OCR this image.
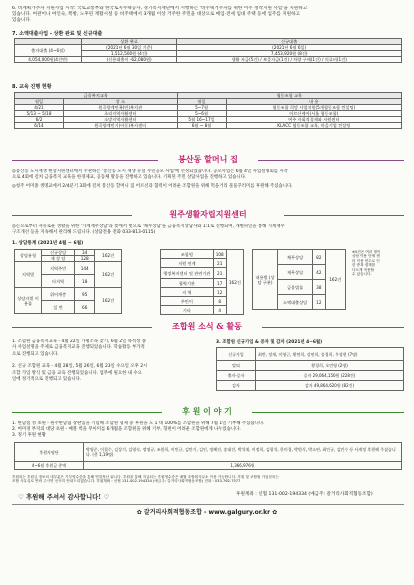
6. 비계획가추자 지원사업 시작: 국토교통부와 한국토지주택공사, 경기복지재단에서 시행하는 '비주택거주자를 위한 이주 정착지원 사업'을 지원하고
있습니다. 여관이나 여인숙, 쪽방, 노후된 재활시설 등 비주택에서 3개월 이상 거주한 주민을 대상으로 매입·전세 임대 주택 등에 입주를 지원하고
있습니다.
7. 소액대출사업 - 상환 완료 및 신규대출
	상환 완료	신규대출
출자대출 (4~6월)	(2021년 6월 30일 기준)	(2021년 6월 6일)
	1,512,500원 (4건)	7,453,920원 (8건)
4,054,000원(4건만)	(신용대출이 -62,080원)	생활 자금(5건) / 보증자금(1건) / 차량 구매(1건) / 의료비(1건)
8. 교육 진행 현황
금융복지교육		협동조합 교육	
월일	장 소	월일	내 용
4/21	원곡양계민족(민)복지관	5~7월	협동조합 희망 사업지원(5개협동조합 컨설팅)
5/13 ~ 5/18	초리지역자활센터	5~6월	어르신케어(서울 협동조합)
6/2	소망지역자활센터	5월 16~17일	여주 사회적경제와 자원센터
6/14	원곡양계민기(아동)복지센터	6월 ~ 8월	KLACC 협동조합 교육, 마을기업 컨설팅
봉산동 할머니 집
◎봉산동 도시재생 현장지원센터에서 주관하는 '봉산동 도시 재생 뉴딜 주민공모 사업'에 선정되었습니다. 공모사업은 6월 4일 사업설명회를 시작
으로 4회에 걸쳐 금융복지 교육을 한경제교, 공동체 활동을 진행하고 있습니다. 기획된 주민 상담사업을 진행하고 있습니다.
◎청주 어미종 생명교에서 2/4분기 3회에 걸쳐 봉산동 할머니 집 어르신과 협력이 어려운 조합원을 위해 먹을거리 물품꾸러미를 후원해 주셨습니다.
원주생활자립지원센터
◎돈으로부터 자유로운 생활을 위한 '가계재무상담'과 빚에서 벗으로 '채무상담'을 금융복지상담사와 1:1로 진행되며, 개별파일을 통해 가계재무
구조개선 등을 지속해서 관리해 드립니다. (상담전용 전화 033-813-0115)
1. 상담통계 (2021년 4월 ~ 6월)
상담유형	신규상담	34	162건
	재 상 담	128	
지역별	지역주민	144	162건
	타지역	18	
상담자별 이용률	위어계층	95	162건
	일 반	66	
조합원	108	162건
지원 연계	21	
행정복지센터 및 관련기관	21	
협력기관	17	
지 역	12	
주민이	8	
기타	4	
내용별 (상담 구분)	채무상담	82	162건
	재무상담	42	
	금융법률	38	
	소액대출상담	12	
※5건은 여러 명이
상담 이용 단체 센
터 이용 빈도로 인
한 중복 집계를
다르게 적용할
수 있습니다.
조합원 소식 & 활동
1. 조합원 금융복지교육 - 4월 22일 가평소독 찾기, 6월 2일 목적성 종
사 사업설명을 주제로 금융복지교육 진행되었습니다. 학습활동 부가적
으로 진행되고 있습니다.
2. 신규 조합원 교육 - 4월 28일, 5월 26일, 6월 23일 수요일 오후 2시
조합 가입 방식 및 금융 교육 진행되었습니다. 업무에 필요한 내 수요
일에 정기적으로 진행되고 있습니다.
3. 조합원 신규가입 & 증자 및 감자 (2021년 4~6월)
신규가입	최반, 정재, 이영근, 황연희, 강연희, 송경희, 우장현 (7명)
탈퇴	황경희, 오민영 (2명)
출자·증자	증자 29,064,150원 (228건)
감자	감자 49,864,620원 (82건)
후 원 이 야 기
1. 한남점 성 초원 - 원주한남협 장판임을 기념해 조합원 형제 중 후원을 도 1 대 100%를 조합원을 위해 7월 1일 기부해 주셨습니다.
2. 여미경 부지의 대당 초원 - 메볼 벽을 무이미를 6개월을 조합원을 위해 기부, 형편이 어려운 조합원에게 나누었습니다.
3. 정기 후원 현황
후원자명단	박영준, 이철수, 김상기, 김영숙, 정명규, 조원희, 이민규, 김만기, 김인, 정혜진, 송대진, 박석재, 이정희, 김광석, 한미경, 박범식, 박소연, 최인규, 김민수 등 사계정 후원해 주셨습니다. (총 1,19명)
4~6월 후원금 총액	1,366,976원
후원되는 후원금 정보의 대부분은 기부영수증을 통해 연말정산 됩니다. 후원을 통해 지급되는 후원영수증은 매월 조합원사무소 이용 가능합니다. 후원 및 조합원 가입문의는
조합 사무실로 연락 주시면 신속히 안내드리겠습니다. 후원계좌 : 신협 131-002-194334 (예금주: 갈거리사회적협동조합) 전화 : 033-762-7577
♡ 후원해 주셔서 감사합니다! ♡	후원계좌 : 신협 131-002-194334 (예금주: 갈거리사회적협동조합)
✿ 갈거리사회적협동조합 - www.galgury.or.kr ✿
